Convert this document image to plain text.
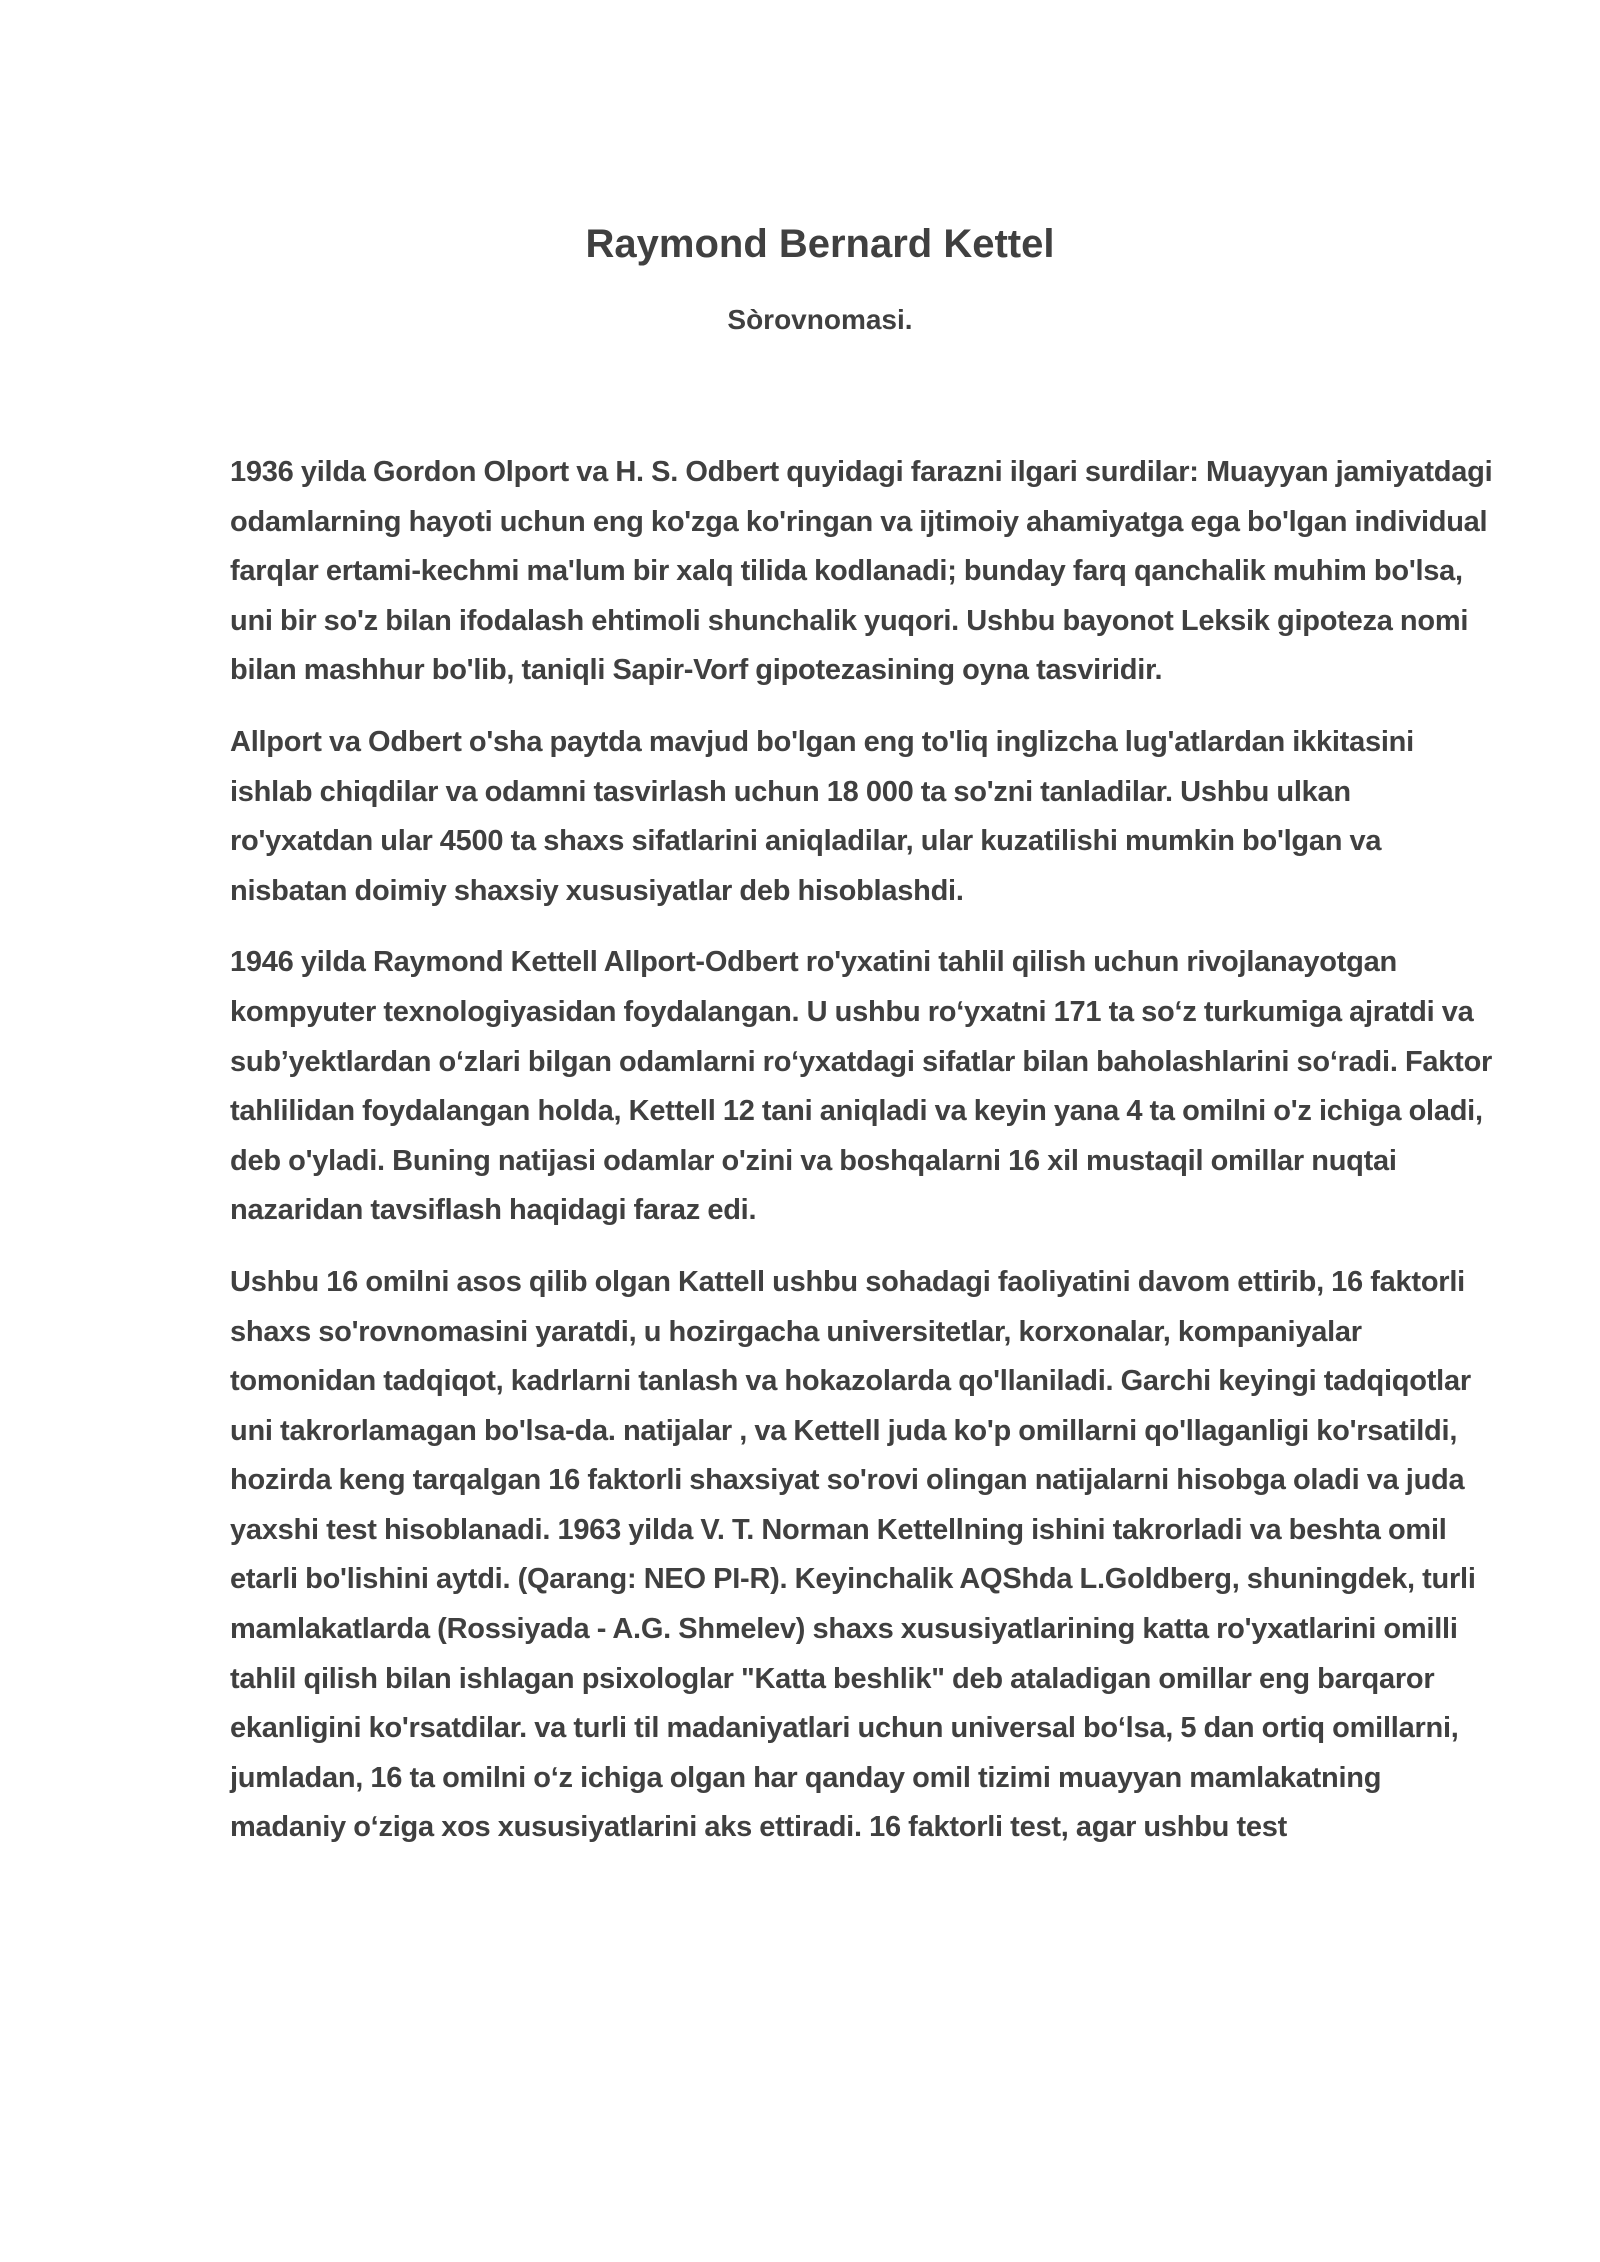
Raymond Bernard Kettel
Sòrovnomasi.

1936 yilda Gordon Olport va H. S. Odbert quyidagi farazni ilgari surdilar: Muayyan jamiyatdagi odamlarning hayoti uchun eng ko'zga ko'ringan va ijtimoiy ahamiyatga ega bo'lgan individual farqlar ertami-kechmi ma'lum bir xalq tilida kodlanadi; bunday farq qanchalik muhim bo'lsa, uni bir so'z bilan ifodalash ehtimoli shunchalik yuqori. Ushbu bayonot Leksik gipoteza nomi bilan mashhur bo'lib, taniqli Sapir-Vorf gipotezasining oyna tasviridir.

Allport va Odbert o'sha paytda mavjud bo'lgan eng to'liq inglizcha lug'atlardan ikkitasini ishlab chiqdilar va odamni tasvirlash uchun 18 000 ta so'zni tanladilar. Ushbu ulkan ro'yxatdan ular 4500 ta shaxs sifatlarini aniqladilar, ular kuzatilishi mumkin bo'lgan va nisbatan doimiy shaxsiy xususiyatlar deb hisoblashdi.

1946 yilda Raymond Kettell Allport-Odbert ro'yxatini tahlil qilish uchun rivojlanayotgan kompyuter texnologiyasidan foydalangan. U ushbu roʻyxatni 171 ta soʻz turkumiga ajratdi va sub’yektlardan oʻzlari bilgan odamlarni roʻyxatdagi sifatlar bilan baholashlarini soʻradi. Faktor tahlilidan foydalangan holda, Kettell 12 tani aniqladi va keyin yana 4 ta omilni o'z ichiga oladi, deb o'yladi. Buning natijasi odamlar o'zini va boshqalarni 16 xil mustaqil omillar nuqtai nazaridan tavsiflash haqidagi faraz edi.

Ushbu 16 omilni asos qilib olgan Kattell ushbu sohadagi faoliyatini davom ettirib, 16 faktorli shaxs so'rovnomasini yaratdi, u hozirgacha universitetlar, korxonalar, kompaniyalar tomonidan tadqiqot, kadrlarni tanlash va hokazolarda qo'llaniladi. Garchi keyingi tadqiqotlar uni takrorlamagan bo'lsa-da. natijalar , va Kettell juda ko'p omillarni qo'llaganligi ko'rsatildi, hozirda keng tarqalgan 16 faktorli shaxsiyat so'rovi olingan natijalarni hisobga oladi va juda yaxshi test hisoblanadi. 1963 yilda V. T. Norman Kettellning ishini takrorladi va beshta omil etarli bo'lishini aytdi. (Qarang: NEO PI-R). Keyinchalik AQShda L.Goldberg, shuningdek, turli mamlakatlarda (Rossiyada - A.G. Shmelev) shaxs xususiyatlarining katta ro'yxatlarini omilli tahlil qilish bilan ishlagan psixologlar "Katta beshlik" deb ataladigan omillar eng barqaror ekanligini ko'rsatdilar. va turli til madaniyatlari uchun universal boʻlsa, 5 dan ortiq omillarni, jumladan, 16 ta omilni oʻz ichiga olgan har qanday omil tizimi muayyan mamlakatning madaniy oʻziga xos xususiyatlarini aks ettiradi. 16 faktorli test, agar ushbu test
